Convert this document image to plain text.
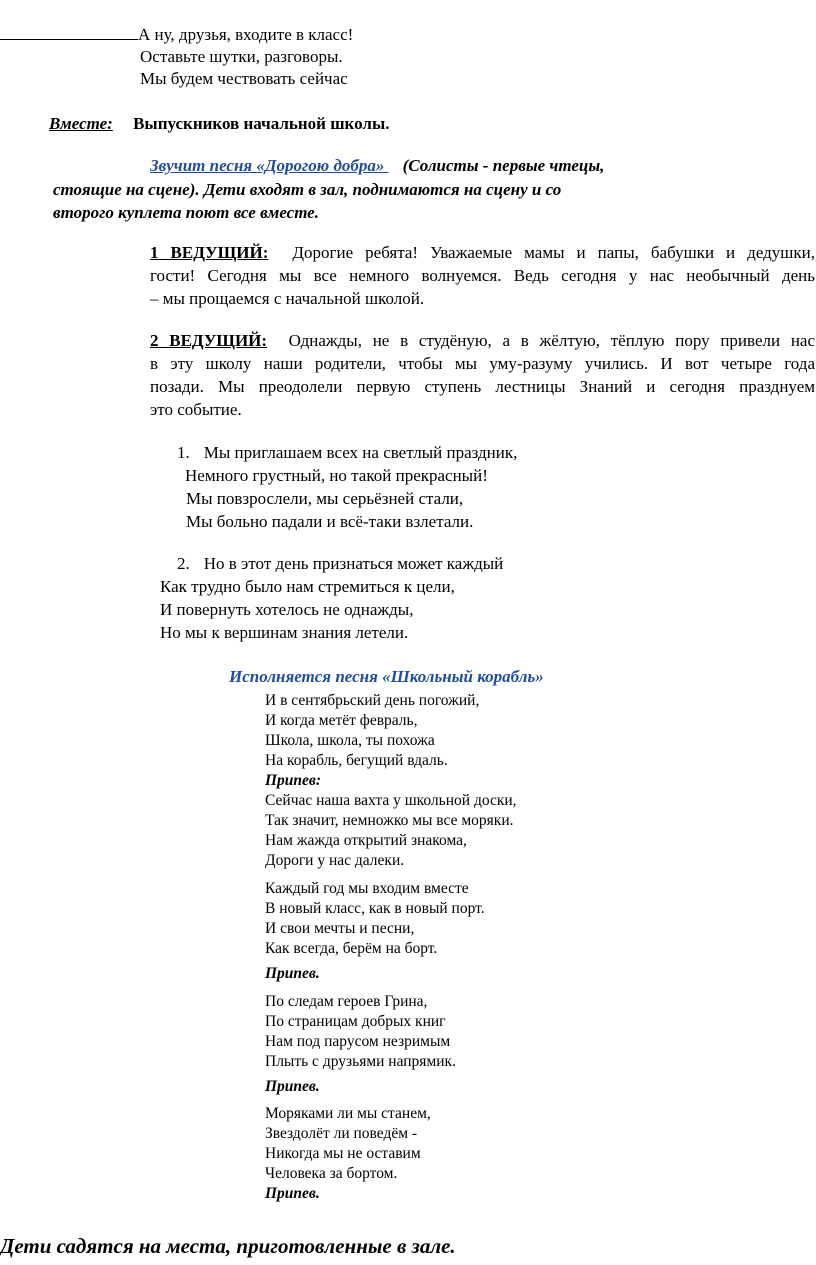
А ну, друзья, входите в класс!
Оставьте шутки, разговоры.
Мы будем чествовать сейчас
Вместе: Выпускников начальной школы.
Звучит песня «Дорогою добра» (Солисты - первые чтецы,
стоящие на сцене). Дети входят в зал, поднимаются на сцену и со
второго куплета поют все вместе.
1 ВЕДУЩИЙ: Дорогие ребята! Уважаемые мамы и папы, бабушки и дедушки,
гости! Сегодня мы все немного волнуемся. Ведь сегодня у нас необычный день
– мы прощаемся с начальной школой.
2 ВЕДУЩИЙ: Однажды, не в студёную, а в жёлтую, тёплую пору привели нас
в эту школу наши родители, чтобы мы уму-разуму учились. И вот четыре года
позади. Мы преодолели первую ступень лестницы Знаний и сегодня празднуем
это событие.
1. Мы приглашаем всех на светлый праздник,
Немного грустный, но такой прекрасный!
Мы повзрослели, мы серьёзней стали,
Мы больно падали и всё-таки взлетали.
2. Но в этот день признаться может каждый
Как трудно было нам стремиться к цели,
И повернуть хотелось не однажды,
Но мы к вершинам знания летели.
Исполняется песня «Школьный корабль»
И в сентябрьский день погожий,
И когда метёт февраль,
Школа, школа, ты похожа
На корабль, бегущий вдаль.
Припев:
Сейчас наша вахта у школьной доски,
Так значит, немножко мы все моряки.
Нам жажда открытий знакома,
Дороги у нас далеки.
Каждый год мы входим вместе
В новый класс, как в новый порт.
И свои мечты и песни,
Как всегда, берём на борт.
Припев.
По следам героев Грина,
По страницам добрых книг
Нам под парусом незримым
Плыть с друзьями напрямик.
Припев.
Моряками ли мы станем,
Звездолёт ли поведём -
Никогда мы не оставим
Человека за бортом.
Припев.
Дети садятся на места, приготовленные в зале.
